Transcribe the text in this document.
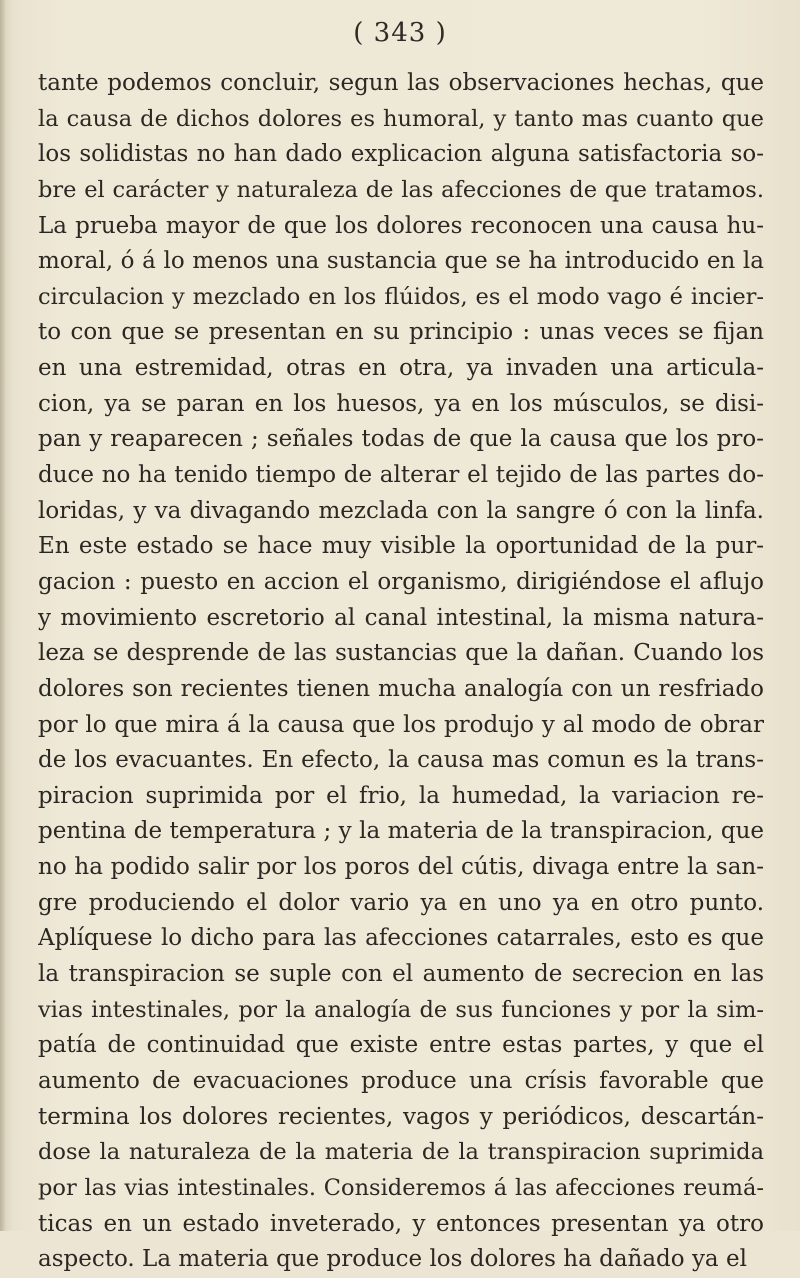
( 343 )
tante podemos concluir, segun las observaciones hechas, que
la causa de dichos dolores es humoral, y tanto mas cuanto que
los solidistas no han dado explicacion alguna satisfactoria so-
bre el carácter y naturaleza de las afecciones de que tratamos.
La prueba mayor de que los dolores reconocen una causa hu-
moral, ó á lo menos una sustancia que se ha introducido en la
circulacion y mezclado en los flúidos, es el modo vago é incier-
to con que se presentan en su principio : unas veces se fijan
en una estremidad, otras en otra, ya invaden una articula-
cion, ya se paran en los huesos, ya en los músculos, se disi-
pan y reaparecen ; señales todas de que la causa que los pro-
duce no ha tenido tiempo de alterar el tejido de las partes do-
loridas, y va divagando mezclada con la sangre ó con la linfa.
En este estado se hace muy visible la oportunidad de la pur-
gacion : puesto en accion el organismo, dirigiéndose el aflujo
y movimiento escretorio al canal intestinal, la misma natura-
leza se desprende de las sustancias que la dañan. Cuando los
dolores son recientes tienen mucha analogía con un resfriado
por lo que mira á la causa que los produjo y al modo de obrar
de los evacuantes. En efecto, la causa mas comun es la trans-
piracion suprimida por el frio, la humedad, la variacion re-
pentina de temperatura ; y la materia de la transpiracion, que
no ha podido salir por los poros del cútis, divaga entre la san-
gre produciendo el dolor vario ya en uno ya en otro punto.
Aplíquese lo dicho para las afecciones catarrales, esto es que
la transpiracion se suple con el aumento de secrecion en las
vias intestinales, por la analogía de sus funciones y por la sim-
patía de continuidad que existe entre estas partes, y que el
aumento de evacuaciones produce una crísis favorable que
termina los dolores recientes, vagos y periódicos, descartán-
dose la naturaleza de la materia de la transpiracion suprimida
por las vias intestinales. Consideremos á las afecciones reumá-
ticas en un estado inveterado, y entonces presentan ya otro
aspecto. La materia que produce los dolores ha dañado ya el
